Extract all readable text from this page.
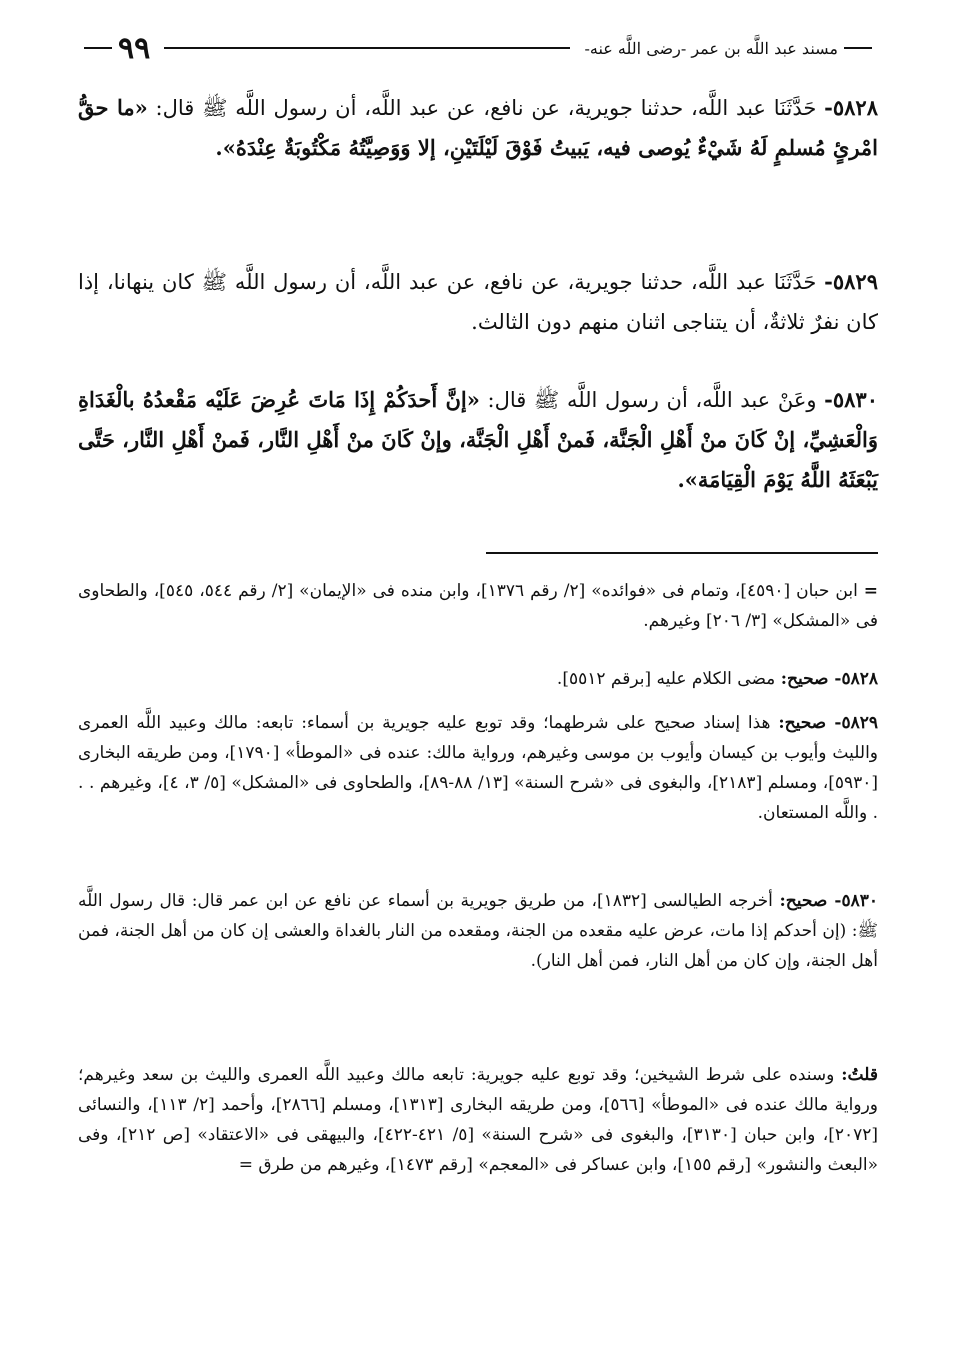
مسند عبد اللَّه بن عمر -رضى اللَّه عنه-
٩٩

٥٨٢٨- حَدَّثَنَا عبد اللَّه، حدثنا جويرية، عن نافع، عن عبد اللَّه، أن رسول اللَّه ﷺ قال: «ما حقُّ امْرئٍ مُسلمٍ لَهُ شَيْءٌ يُوصى فيه، يَبيتُ فَوْقَ لَيْلَتَيْنِ، إلا وَوَصِيَّتُهُ مَكْتُوبَةٌ عِنْدَهُ».

٥٨٢٩- حَدَّثَنَا عبد اللَّه، حدثنا جويرية، عن نافع، عن عبد اللَّه، أن رسول اللَّه ﷺ كان ينهانا، إذا كان نفرٌ ثلاثةٌ، أن يتناجى اثنان منهم دون الثالث.

٥٨٣٠- وعَنْ عبد اللَّه، أن رسول اللَّه ﷺ قال: «إنَّ أَحدَكُمْ إِذَا مَاتَ عُرِضَ عَلَيْه مَقْعدُهُ بالْغَدَاةِ وَالْعَشِيِّ، إنْ كَانَ منْ أَهْلِ الْجَنَّة، فَمنْ أَهْلِ الْجَنَّة، وإنْ كَانَ منْ أَهْلِ النَّار، فَمنْ أَهْلِ النَّار، حَتَّى يَبْعَثَهُ اللَّهُ يَوْمَ الْقِيَامَة».

= ابن حبان [٤٥٩٠]، وتمام فى «فوائده» [٢/ رقم ١٣٧٦]، وابن منده فى «الإيمان» [٢/ رقم ٥٤٤، ٥٤٥]، والطحاوى فى «المشكل» [٣/ ٢٠٦] وغيرهم.

٥٨٢٨- صحيح: مضى الكلام عليه [برقم ٥٥١٢].

٥٨٢٩- صحيح: هذا إسناد صحيح على شرطهما؛ وقد توبع عليه جويرية بن أسماء: تابعه: مالك وعبيد اللَّه العمرى والليث وأيوب بن كيسان وأيوب بن موسى وغيرهم، ورواية مالك: عنده فى «الموطأ» [١٧٩٠]، ومن طريقه البخارى [٥٩٣٠]، ومسلم [٢١٨٣]، والبغوى فى «شرح السنة» [١٣/ ٨٨-٨٩]، والطحاوى فى «المشكل» [٥/ ٣، ٤]، وغيرهم . . . واللَّه المستعان.

٥٨٣٠- صحيح: أخرجه الطيالسى [١٨٣٢]، من طريق جويرية بن أسماء عن نافع عن ابن عمر قال: قال رسول اللَّه ﷺ: (إن أحدكم إذا مات، عرض عليه مقعده من الجنة، ومقعده من النار بالغداة والعشى إن كان من أهل الجنة، فمن أهل الجنة، وإن كان من أهل النار، فمن أهل النار).

قلتُ: وسنده على شرط الشيخين؛ وقد توبع عليه جويرية: تابعه مالك وعبيد اللَّه العمرى والليث بن سعد وغيرهم؛ ورواية مالك عنده فى «الموطأ» [٥٦٦]، ومن طريقه البخارى [١٣١٣]، ومسلم [٢٨٦٦]، وأحمد [٢/ ١١٣]، والنسائى [٢٠٧٢]، وابن حبان [٣١٣٠]، والبغوى فى «شرح السنة» [٥/ ٤٢١-٤٢٢]، والبيهقى فى «الاعتقاد» [ص ٢١٢]، وفى «البعث والنشور» [رقم ١٥٥]، وابن عساكر فى «المعجم» [رقم ١٤٧٣]، وغيرهم من طرق =
